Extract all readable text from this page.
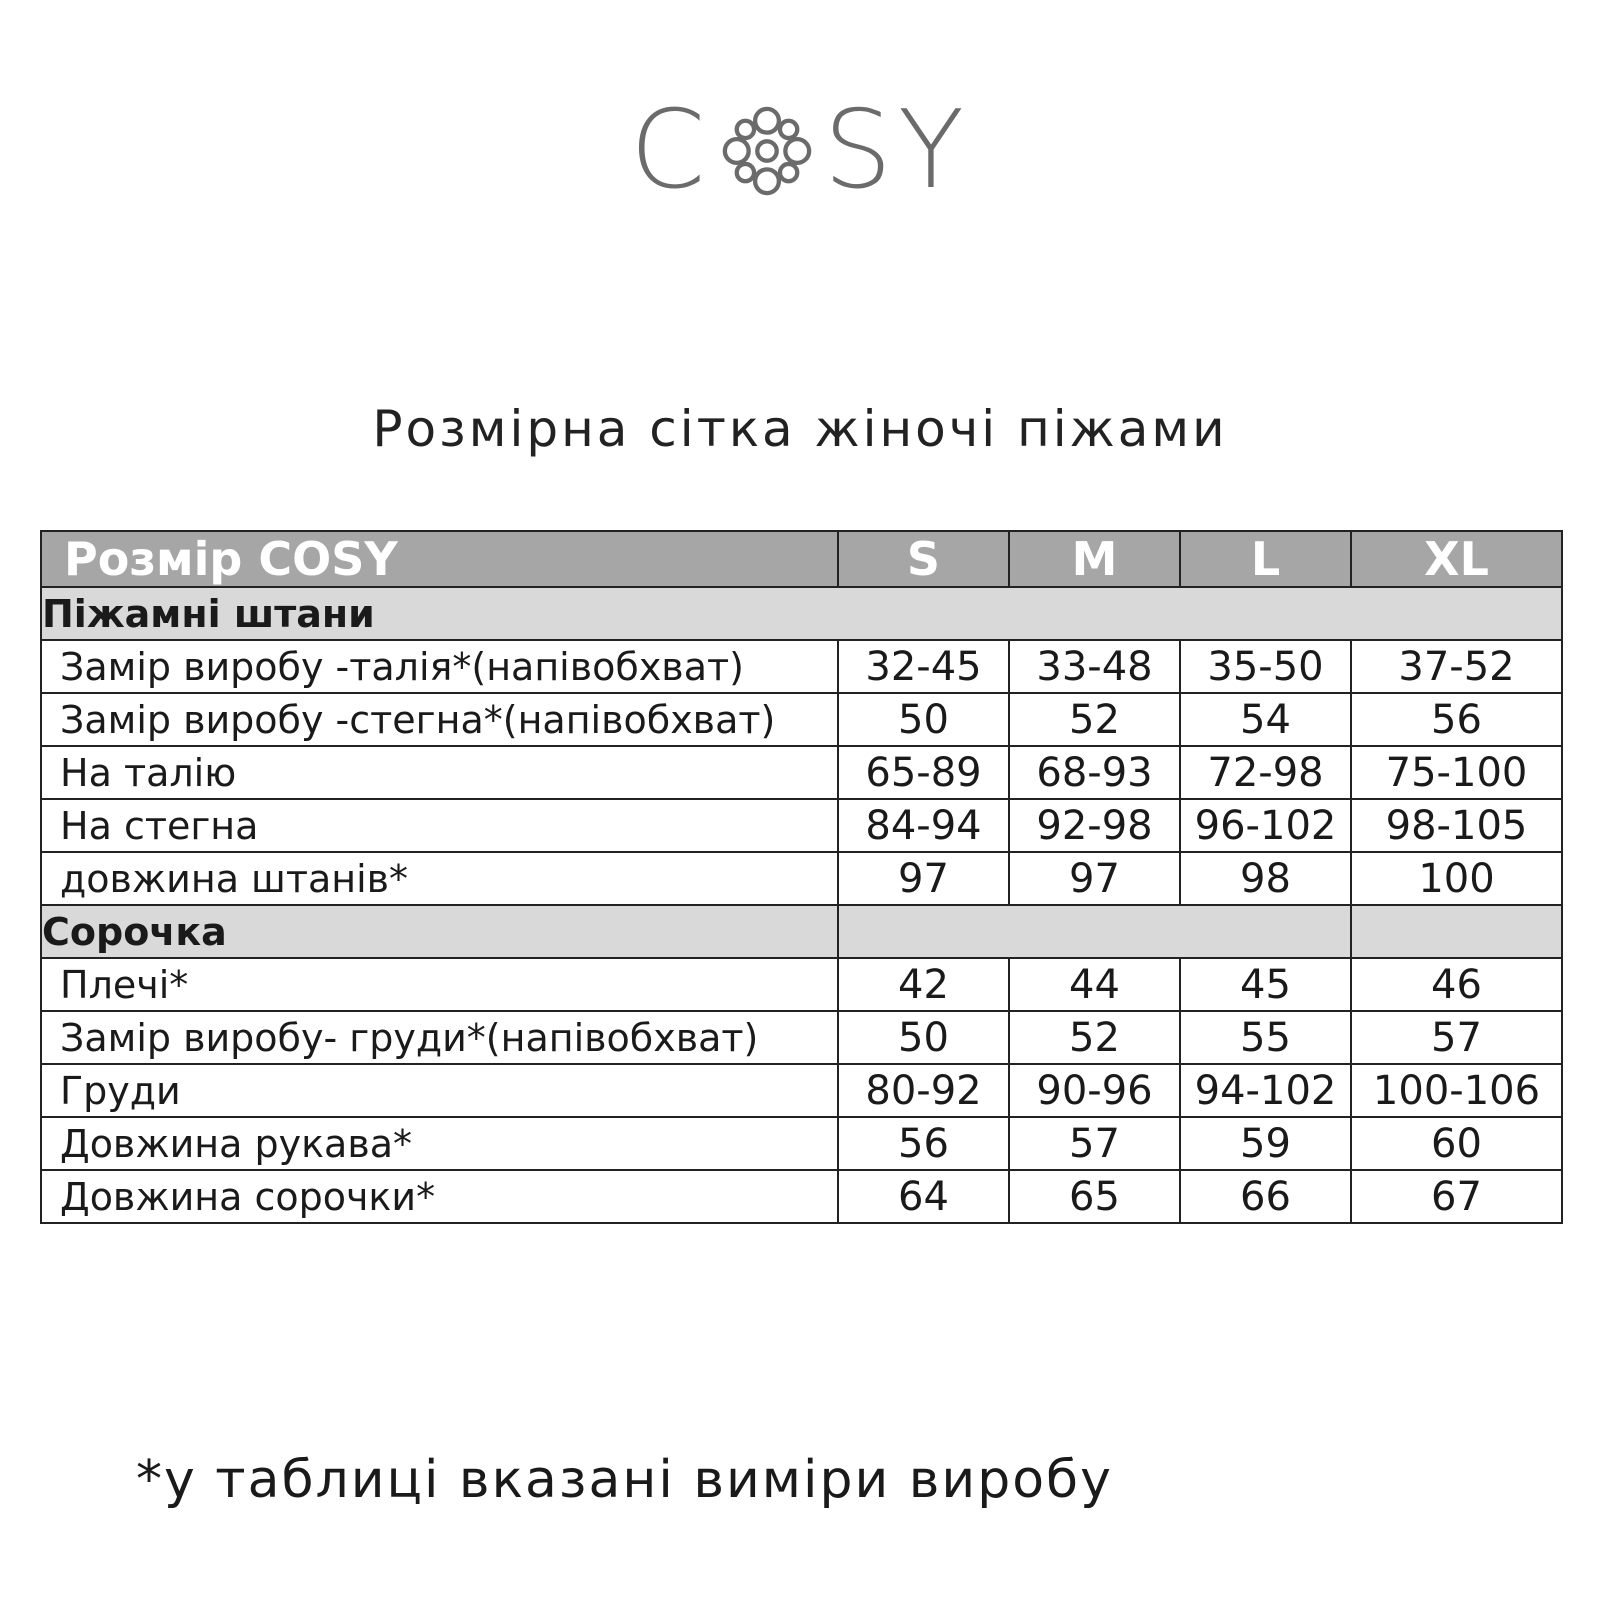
C SY
Розмірна сітка жіночі піжами
Розмір COSY	S	M	L	XL
Піжамні штани				
Замір виробу -талія*(напівобхват)	32-45	33-48	35-50	37-52
Замір виробу -стегна*(напівобхват)	50	52	54	56
На талію	65-89	68-93	72-98	75-100
На стегна	84-94	92-98	96-102	98-105
довжина штанів*	97	97	98	100
Сорочка				
Плечі*	42	44	45	46
Замір виробу- груди*(напівобхват)	50	52	55	57
Груди	80-92	90-96	94-102	100-106
Довжина рукава*	56	57	59	60
Довжина сорочки*	64	65	66	67
*у таблиці вказані виміри виробу
